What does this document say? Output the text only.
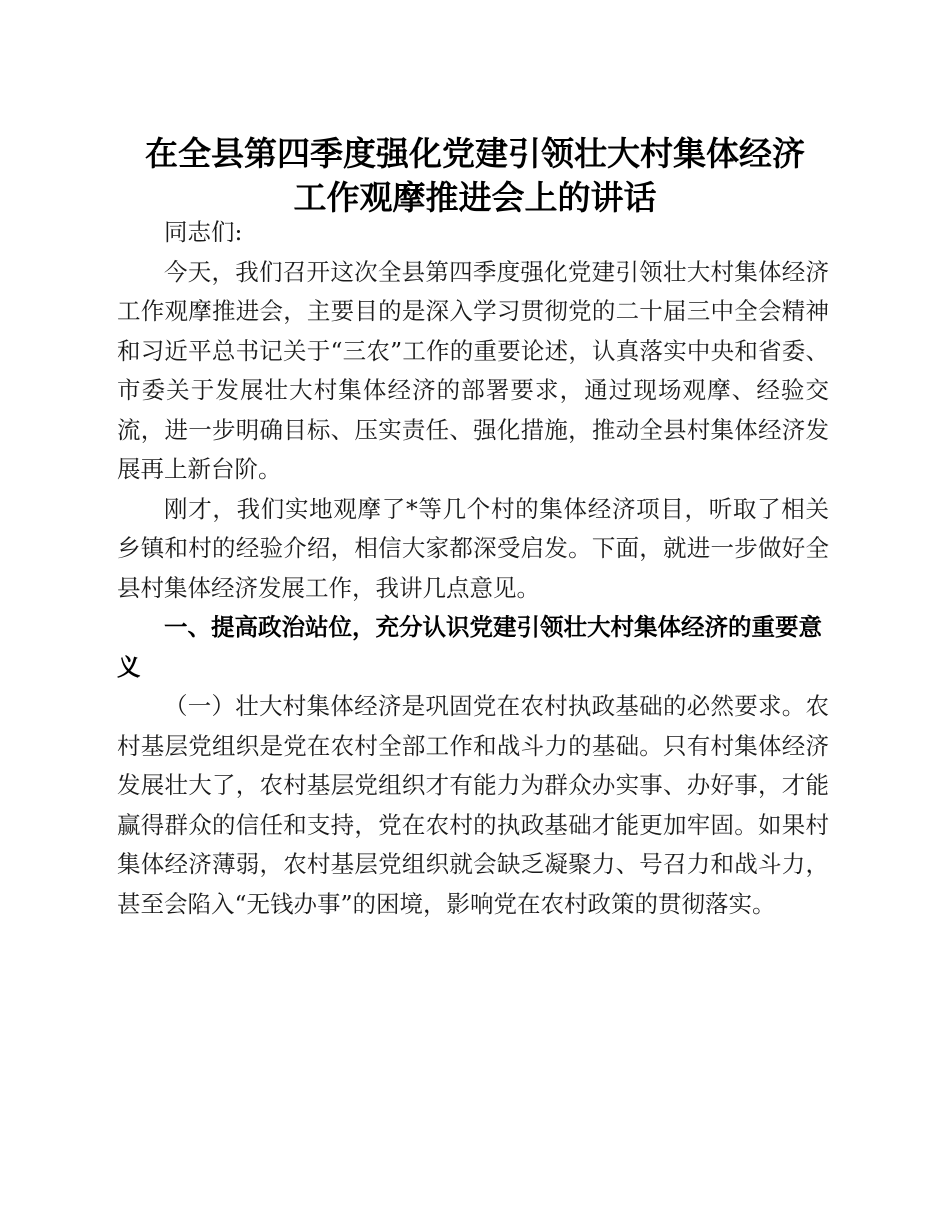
在全县第四季度强化党建引领壮大村集体经济
工作观摩推进会上的讲话

同志们:

今天，我们召开这次全县第四季度强化党建引领壮大村集体经济工作观摩推进会，主要目的是深入学习贯彻党的二十届三中全会精神和习近平总书记关于“三农”工作的重要论述，认真落实中央和省委、市委关于发展壮大村集体经济的部署要求，通过现场观摩、经验交流，进一步明确目标、压实责任、强化措施，推动全县村集体经济发展再上新台阶。

刚才，我们实地观摩了*等几个村的集体经济项目，听取了相关乡镇和村的经验介绍，相信大家都深受启发。下面，就进一步做好全县村集体经济发展工作，我讲几点意见。

一、提高政治站位，充分认识党建引领壮大村集体经济的重要意义

（一）壮大村集体经济是巩固党在农村执政基础的必然要求。农村基层党组织是党在农村全部工作和战斗力的基础。只有村集体经济发展壮大了，农村基层党组织才有能力为群众办实事、办好事，才能赢得群众的信任和支持，党在农村的执政基础才能更加牢固。如果村集体经济薄弱，农村基层党组织就会缺乏凝聚力、号召力和战斗力，甚至会陷入“无钱办事”的困境，影响党在农村政策的贯彻落实。
